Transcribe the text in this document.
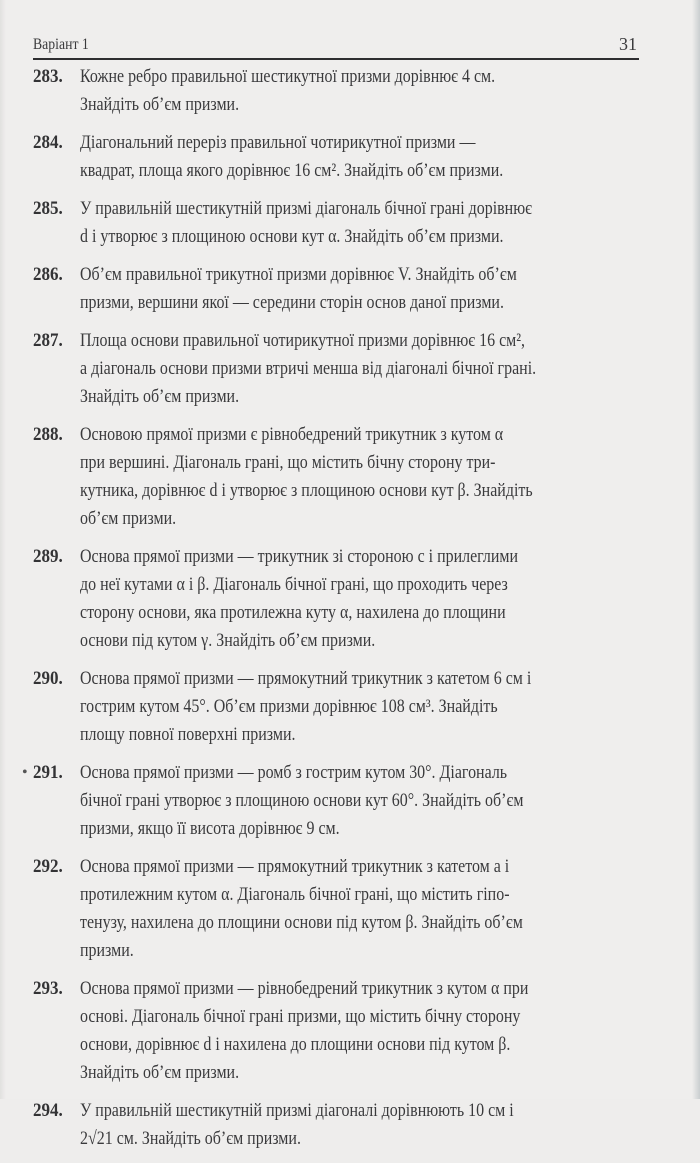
Варіант 1	31
283. Кожне ребро правильної шестикутної призми дорівнює 4 см.
Знайдіть об’єм призми.
284. Діагональний переріз правильної чотирикутної призми —
квадрат, площа якого дорівнює 16 см². Знайдіть об’єм призми.
285. У правильній шестикутній призмі діагональ бічної грані дорівнює
d і утворює з площиною основи кут α. Знайдіть об’єм призми.
286. Об’єм правильної трикутної призми дорівнює V. Знайдіть об’єм
призми, вершини якої — середини сторін основ даної призми.
287. Площа основи правильної чотирикутної призми дорівнює 16 см²,
а діагональ основи призми втричі менша від діагоналі бічної грані.
Знайдіть об’єм призми.
288. Основою прямої призми є рівнобедрений трикутник з кутом α
при вершині. Діагональ грані, що містить бічну сторону три-
кутника, дорівнює d і утворює з площиною основи кут β. Знайдіть
об’єм призми.
289. Основа прямої призми — трикутник зі стороною c і прилеглими
до неї кутами α і β. Діагональ бічної грані, що проходить через
сторону основи, яка протилежна куту α, нахилена до площини
основи під кутом γ. Знайдіть об’єм призми.
290. Основа прямої призми — прямокутний трикутник з катетом 6 см і
гострим кутом 45°. Об’єм призми дорівнює 108 см³. Знайдіть
площу повної поверхні призми.
• 291. Основа прямої призми — ромб з гострим кутом 30°. Діагональ
бічної грані утворює з площиною основи кут 60°. Знайдіть об’єм
призми, якщо її висота дорівнює 9 см.
292. Основа прямої призми — прямокутний трикутник з катетом a і
протилежним кутом α. Діагональ бічної грані, що містить гіпо-
тенузу, нахилена до площини основи під кутом β. Знайдіть об’єм
призми.
293. Основа прямої призми — рівнобедрений трикутник з кутом α при
основі. Діагональ бічної грані призми, що містить бічну сторону
основи, дорівнює d і нахилена до площини основи під кутом β.
Знайдіть об’єм призми.
294. У правильній шестикутній призмі діагоналі дорівнюють 10 см і
2√21 см. Знайдіть об’єм призми.
